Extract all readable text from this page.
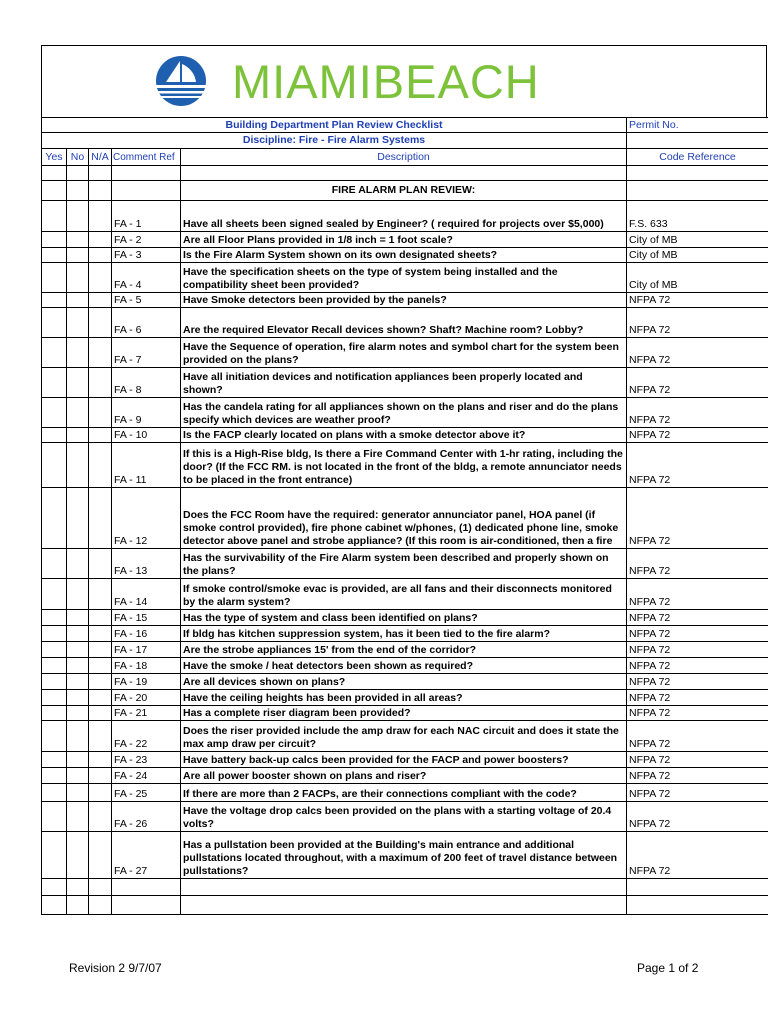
MIAMIBEACH
Building Department Plan Review Checklist					Permit No.
Discipline: Fire - Fire Alarm Systems					
Yes	No	N/A	Comment Ref	Description	Code Reference

				FIRE ALARM PLAN REVIEW:	
			FA - 1	Have all sheets been signed sealed by Engineer? ( required for projects over $5,000)	F.S. 633
			FA - 2	Are all Floor Plans provided in 1/8 inch = 1 foot scale?	City of MB
			FA - 3	Is the Fire Alarm System shown on its own designated sheets?	City of MB
			FA - 4	Have the specification sheets on the type of system being installed and the compatibility sheet been provided?	City of MB
			FA - 5	Have Smoke detectors been provided by the panels?	NFPA 72
			FA - 6	Are the required Elevator Recall devices shown? Shaft? Machine room? Lobby?	NFPA 72
			FA - 7	Have the Sequence of operation, fire alarm notes and symbol chart for the system been provided on the plans?	NFPA 72
			FA - 8	Have all initiation devices and notification appliances been properly located and shown?	NFPA 72
			FA - 9	Has the candela rating for all appliances shown on the plans and riser and do the plans specify which devices are weather proof?	NFPA 72
			FA - 10	Is the FACP clearly located on plans with a smoke detector above it?	NFPA 72
			FA - 11	If this is a High-Rise bldg, Is there a Fire Command Center with 1-hr rating, including the door? (If the FCC RM. is not located in the front of the bldg, a remote annunciator needs to be placed in the front entrance)	NFPA 72
			FA - 12	Does the FCC Room have the required: generator annunciator panel, HOA panel (if smoke control provided), fire phone cabinet w/phones, (1) dedicated phone line, smoke detector above panel and strobe appliance? (If this room is air-conditioned, then a fire	NFPA 72
			FA - 13	Has the survivability of the Fire Alarm system been described and properly shown on the plans?	NFPA 72
			FA - 14	If smoke control/smoke evac is provided, are all fans and their disconnects monitored by the alarm system?	NFPA 72
			FA - 15	Has the type of system and class been identified on plans?	NFPA 72
			FA - 16	If bldg has kitchen suppression system, has it been tied to the fire alarm?	NFPA 72
			FA - 17	Are the strobe appliances 15' from the end of the corridor?	NFPA 72
			FA - 18	Have the smoke / heat detectors been shown as required?	NFPA 72
			FA - 19	Are all devices shown on plans?	NFPA 72
			FA - 20	Have the ceiling heights has been provided in all areas?	NFPA 72
			FA - 21	Has a complete riser diagram been provided?	NFPA 72
			FA - 22	Does the riser provided include the amp draw for each NAC circuit and does it state the max amp draw per circuit?	NFPA 72
			FA - 23	Have battery back-up calcs been provided for the FACP and power boosters?	NFPA 72
			FA - 24	Are all power booster shown on plans and riser?	NFPA 72
			FA - 25	If there are more than 2 FACPs, are their connections compliant with the code?	NFPA 72
			FA - 26	Have the voltage drop calcs been provided on the plans with a starting voltage of 20.4 volts?	NFPA 72
			FA - 27	Has a pullstation been provided at the Building's main entrance and additional pullstations located throughout, with a maximum of 200 feet of travel distance between pullstations?	NFPA 72

Revision 2 9/7/07	Page 1 of 2
